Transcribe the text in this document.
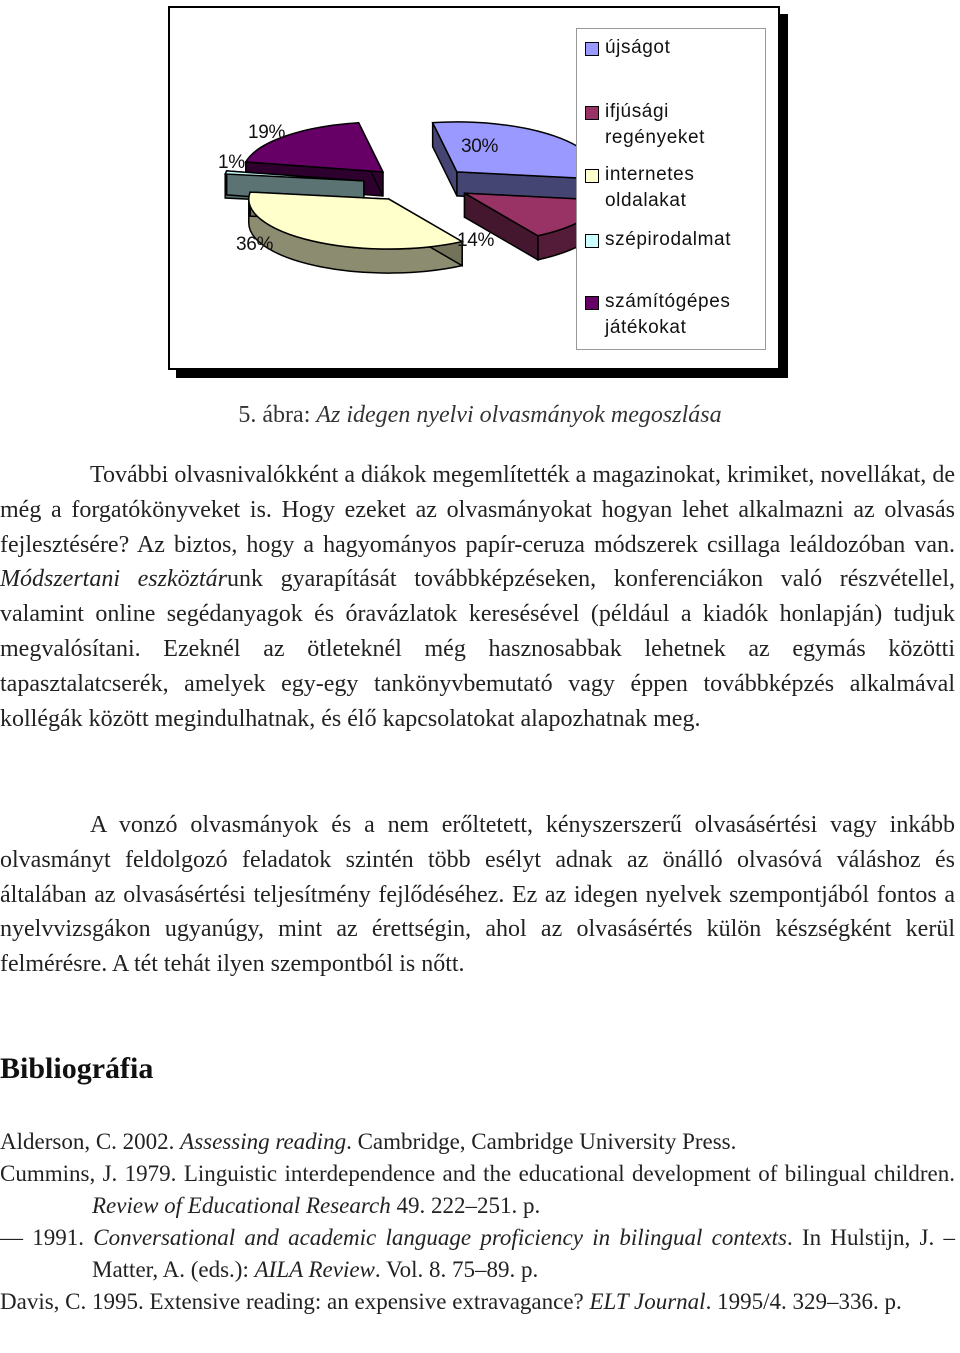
19%
1%
30%
36%	14%
újságot
ifjúsági regényeket
internetes oldalakat
szépirodalmat
számítógépes játékokat
5. ábra: Az idegen nyelvi olvasmányok megoszlása

További olvasnivalókként a diákok megemlítették a magazinokat, krimiket, novellákat, de még a forgatókönyveket is. Hogy ezeket az olvasmányokat hogyan lehet alkalmazni az olvasás fejlesztésére? Az biztos, hogy a hagyományos papír-ceruza módszerek csillaga leáldozóban van. Módszertani eszköztárunk gyarapítását továbbképzéseken, konferenciákon való részvétellel, valamint online segédanyagok és óravázlatok keresésével (például a kiadók honlapján) tudjuk megvalósítani. Ezeknél az ötleteknél még hasznosabbak lehetnek az egymás közötti tapasztalatcserék, amelyek egy-egy tankönyvbemutató vagy éppen továbbképzés alkalmával kollégák között megindulhatnak, és élő kapcsolatokat alapozhatnak meg.

A vonzó olvasmányok és a nem erőltetett, kényszerszerű olvasásértési vagy inkább olvasmányt feldolgozó feladatok szintén több esélyt adnak az önálló olvasóvá váláshoz és általában az olvasásértési teljesítmény fejlődéséhez. Ez az idegen nyelvek szempontjából fontos a nyelvvizsgákon ugyanúgy, mint az érettségin, ahol az olvasásértés külön készségként kerül felmérésre. A tét tehát ilyen szempontból is nőtt.

Bibliográfia
Alderson, C. 2002. Assessing reading. Cambridge, Cambridge University Press.
Cummins, J. 1979. Linguistic interdependence and the educational development of bilingual children. Review of Educational Research 49. 222–251. p.
— 1991. Conversational and academic language proficiency in bilingual contexts. In Hulstijn, J. – Matter, A. (eds.): AILA Review. Vol. 8. 75–89. p.
Davis, C. 1995. Extensive reading: an expensive extravagance? ELT Journal. 1995/4. 329–336. p.
